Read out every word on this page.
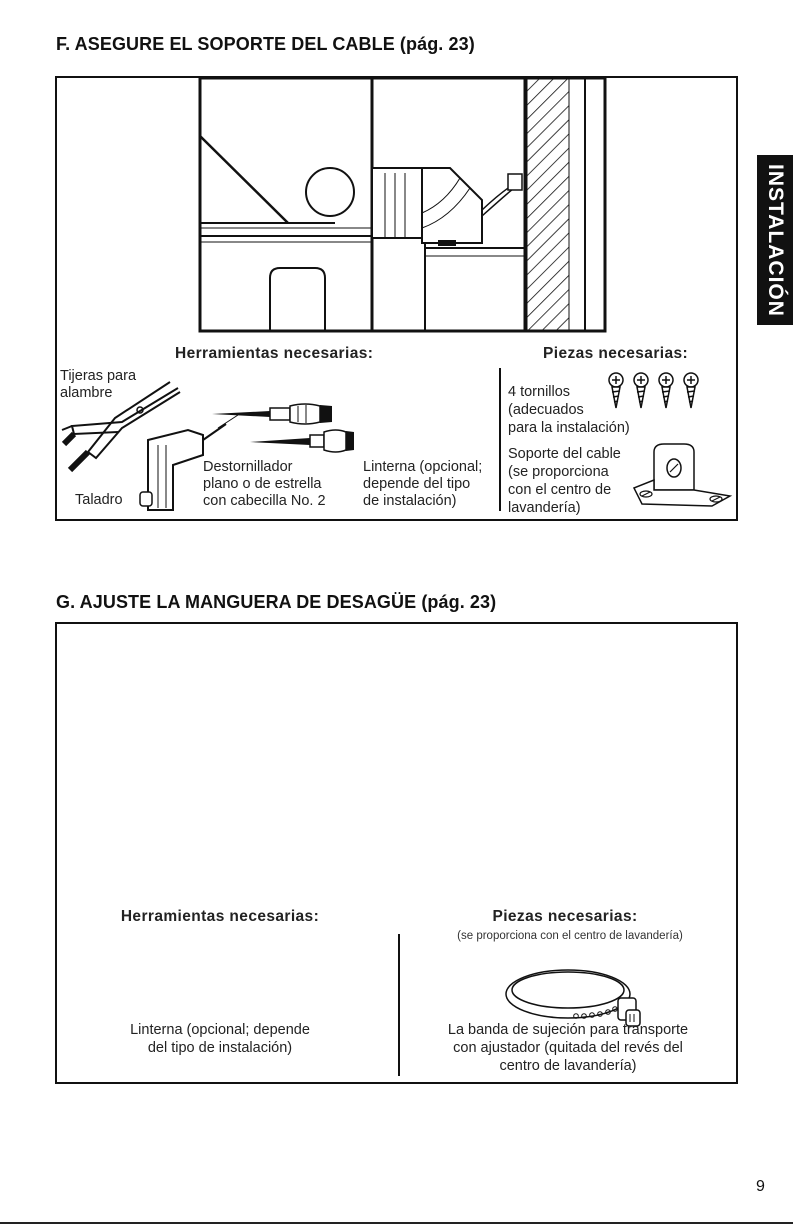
F. ASEGURE EL SOPORTE DEL CABLE (pág. 23)
Herramientas necesarias:	Piezas necesarias:
Tijeras para
alambre
Taladro
Destornillador
plano o de estrella
con cabecilla No. 2
Linterna (opcional;
depende del tipo
de instalación)
4 tornillos
(adecuados
para la instalación)
Soporte del cable
(se proporciona
con el centro de
lavandería)
INSTALACIÓN
G. AJUSTE LA MANGUERA DE DESAGÜE (pág. 23)
Herramientas necesarias:	Piezas necesarias:
(se proporciona con el centro de lavandería)
Linterna (opcional; depende
del tipo de instalación)
La banda de sujeción para transporte
con ajustador (quitada del revés del
centro de lavandería)
9
